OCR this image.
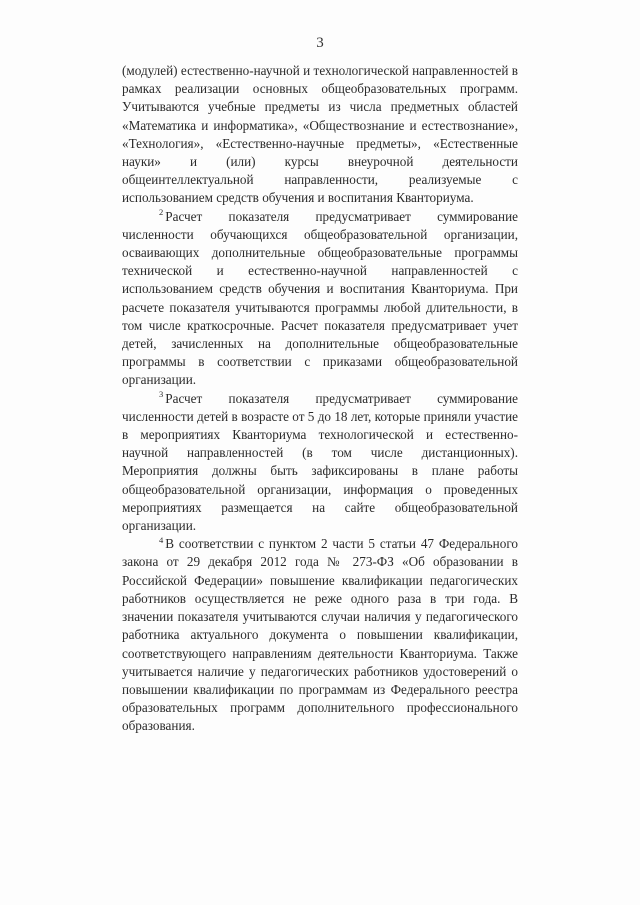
3

(модулей) естественно-научной и технологической направленностей в рамках реализации основных общеобразовательных программ. Учитываются учебные предметы из числа предметных областей «Математика и информатика», «Обществознание и естествознание», «Технология», «Естественно-научные предметы», «Естественные науки» и (или) курсы внеурочной деятельности общеинтеллектуальной направленности, реализуемые с использованием средств обучения и воспитания Кванториума.

$^2$ Расчет показателя предусматривает суммирование численности обучающихся общеобразовательной организации, осваивающих дополнительные общеобразовательные программы технической и естественно-научной направленностей с использованием средств обучения и воспитания Кванториума. При расчете показателя учитываются программы любой длительности, в том числе краткосрочные. Расчет показателя предусматривает учет детей, зачисленных на дополнительные общеобразовательные программы в соответствии с приказами общеобразовательной организации.

$^3$ Расчет показателя предусматривает суммирование численности детей в возрасте от 5 до 18 лет, которые приняли участие в мероприятиях Кванториума технологической и естественно-научной направленностей (в том числе дистанционных). Мероприятия должны быть зафиксированы в плане работы общеобразовательной организации, информация о проведенных мероприятиях размещается на сайте общеобразовательной организации.

$^4$ В соответствии с пунктом 2 части 5 статьи 47 Федерального закона от 29 декабря 2012 года № 273-ФЗ «Об образовании в Российской Федерации» повышение квалификации педагогических работников осуществляется не реже одного раза в три года. В значении показателя учитываются случаи наличия у педагогического работника актуального документа о повышении квалификации, соответствующего направлениям деятельности Кванториума. Также учитывается наличие у педагогических работников удостоверений о повышении квалификации по программам из Федерального реестра образовательных программ дополнительного профессионального образования.
